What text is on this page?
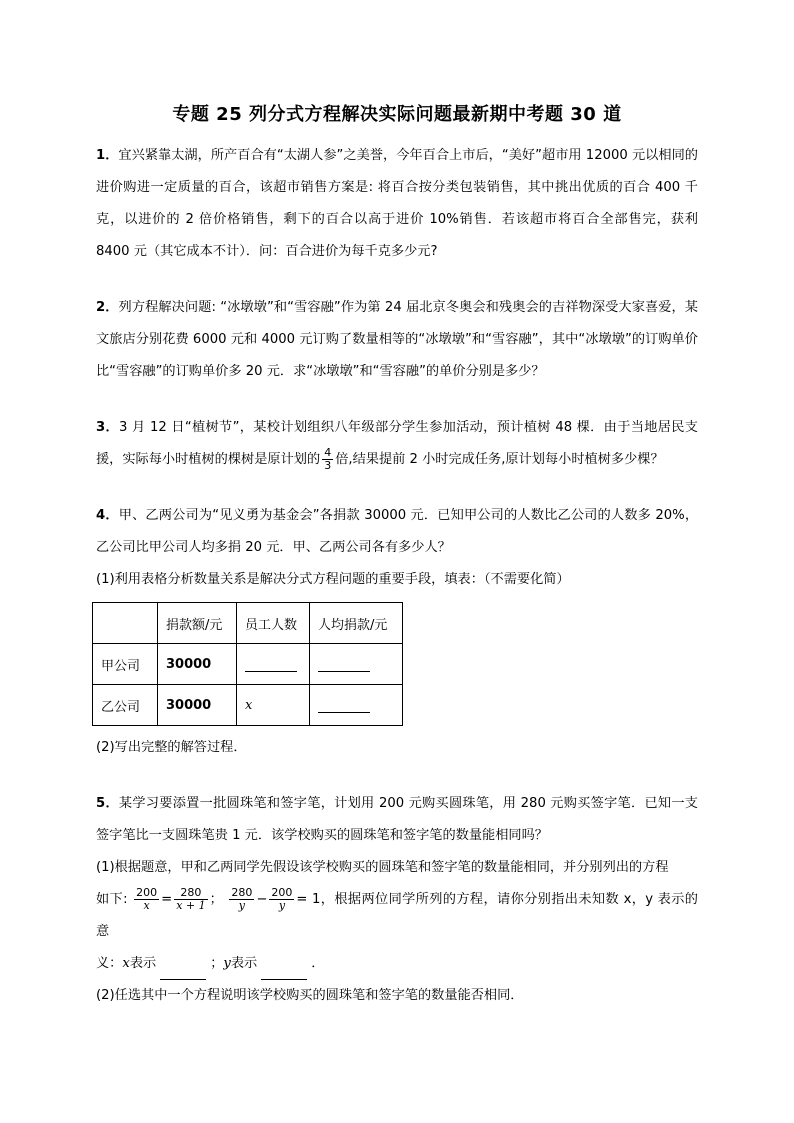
专题 25 列分式方程解决实际问题最新期中考题 30 道

1．宜兴紧靠太湖，所产百合有“太湖人参”之美誉，今年百合上市后，“美好”超市用 12000 元以相同的进价购进一定质量的百合，该超市销售方案是: 将百合按分类包装销售，其中挑出优质的百合 400 千克，以进价的 2 倍价格销售，剩下的百合以高于进价 10%销售．若该超市将百合全部售完，获利 8400 元（其它成本不计）．问：百合进价为每千克多少元?

2．列方程解决问题: “冰墩墩”和“雪容融”作为第 24 届北京冬奥会和残奥会的吉祥物深受大家喜爱，某文旅店分别花费 6000 元和 4000 元订购了数量相等的“冰墩墩”和“雪容融”，其中“冰墩墩”的订购单价比“雪容融”的订购单价多 20 元．求“冰墩墩”和“雪容融”的单价分别是多少？

3．3 月 12 日“植树节”，某校计划组织八年级部分学生参加活动，预计植树 48 棵．由于当地居民支援，实际每小时植树的棵树是原计划的 $\frac{4}{3}$ 倍,结果提前 2 小时完成任务,原计划每小时植树多少棵？

4．甲、乙两公司为“见义勇为基金会”各捐款 30000 元．已知甲公司的人数比乙公司的人数多 20%，乙公司比甲公司人均多捐 20 元．甲、乙两公司各有多少人？

(1)利用表格分析数量关系是解决分式方程问题的重要手段，填表：（不需要化简）

	捐款额/元	员工人数	人均捐款/元
甲公司	30000		
乙公司	30000	x	

(2)写出完整的解答过程．

5．某学习要添置一批圆珠笔和签字笔，计划用 200 元购买圆珠笔，用 280 元购买签字笔．已知一支签字笔比一支圆珠笔贵 1 元．该学校购买的圆珠笔和签字笔的数量能相同吗？

(1)根据题意，甲和乙两同学先假设该学校购买的圆珠笔和签字笔的数量能相同，并分别列出的方程

如下: $\frac{200}{x} = \frac{280}{x + 1}$ ； $\frac{280}{y} - \frac{200}{y} = 1$，根据两位同学所列的方程，请你分别指出未知数 x，y 表示的意

义：x表示	；y表示	．

(2)任选其中一个方程说明该学校购买的圆珠笔和签字笔的数量能否相同．
